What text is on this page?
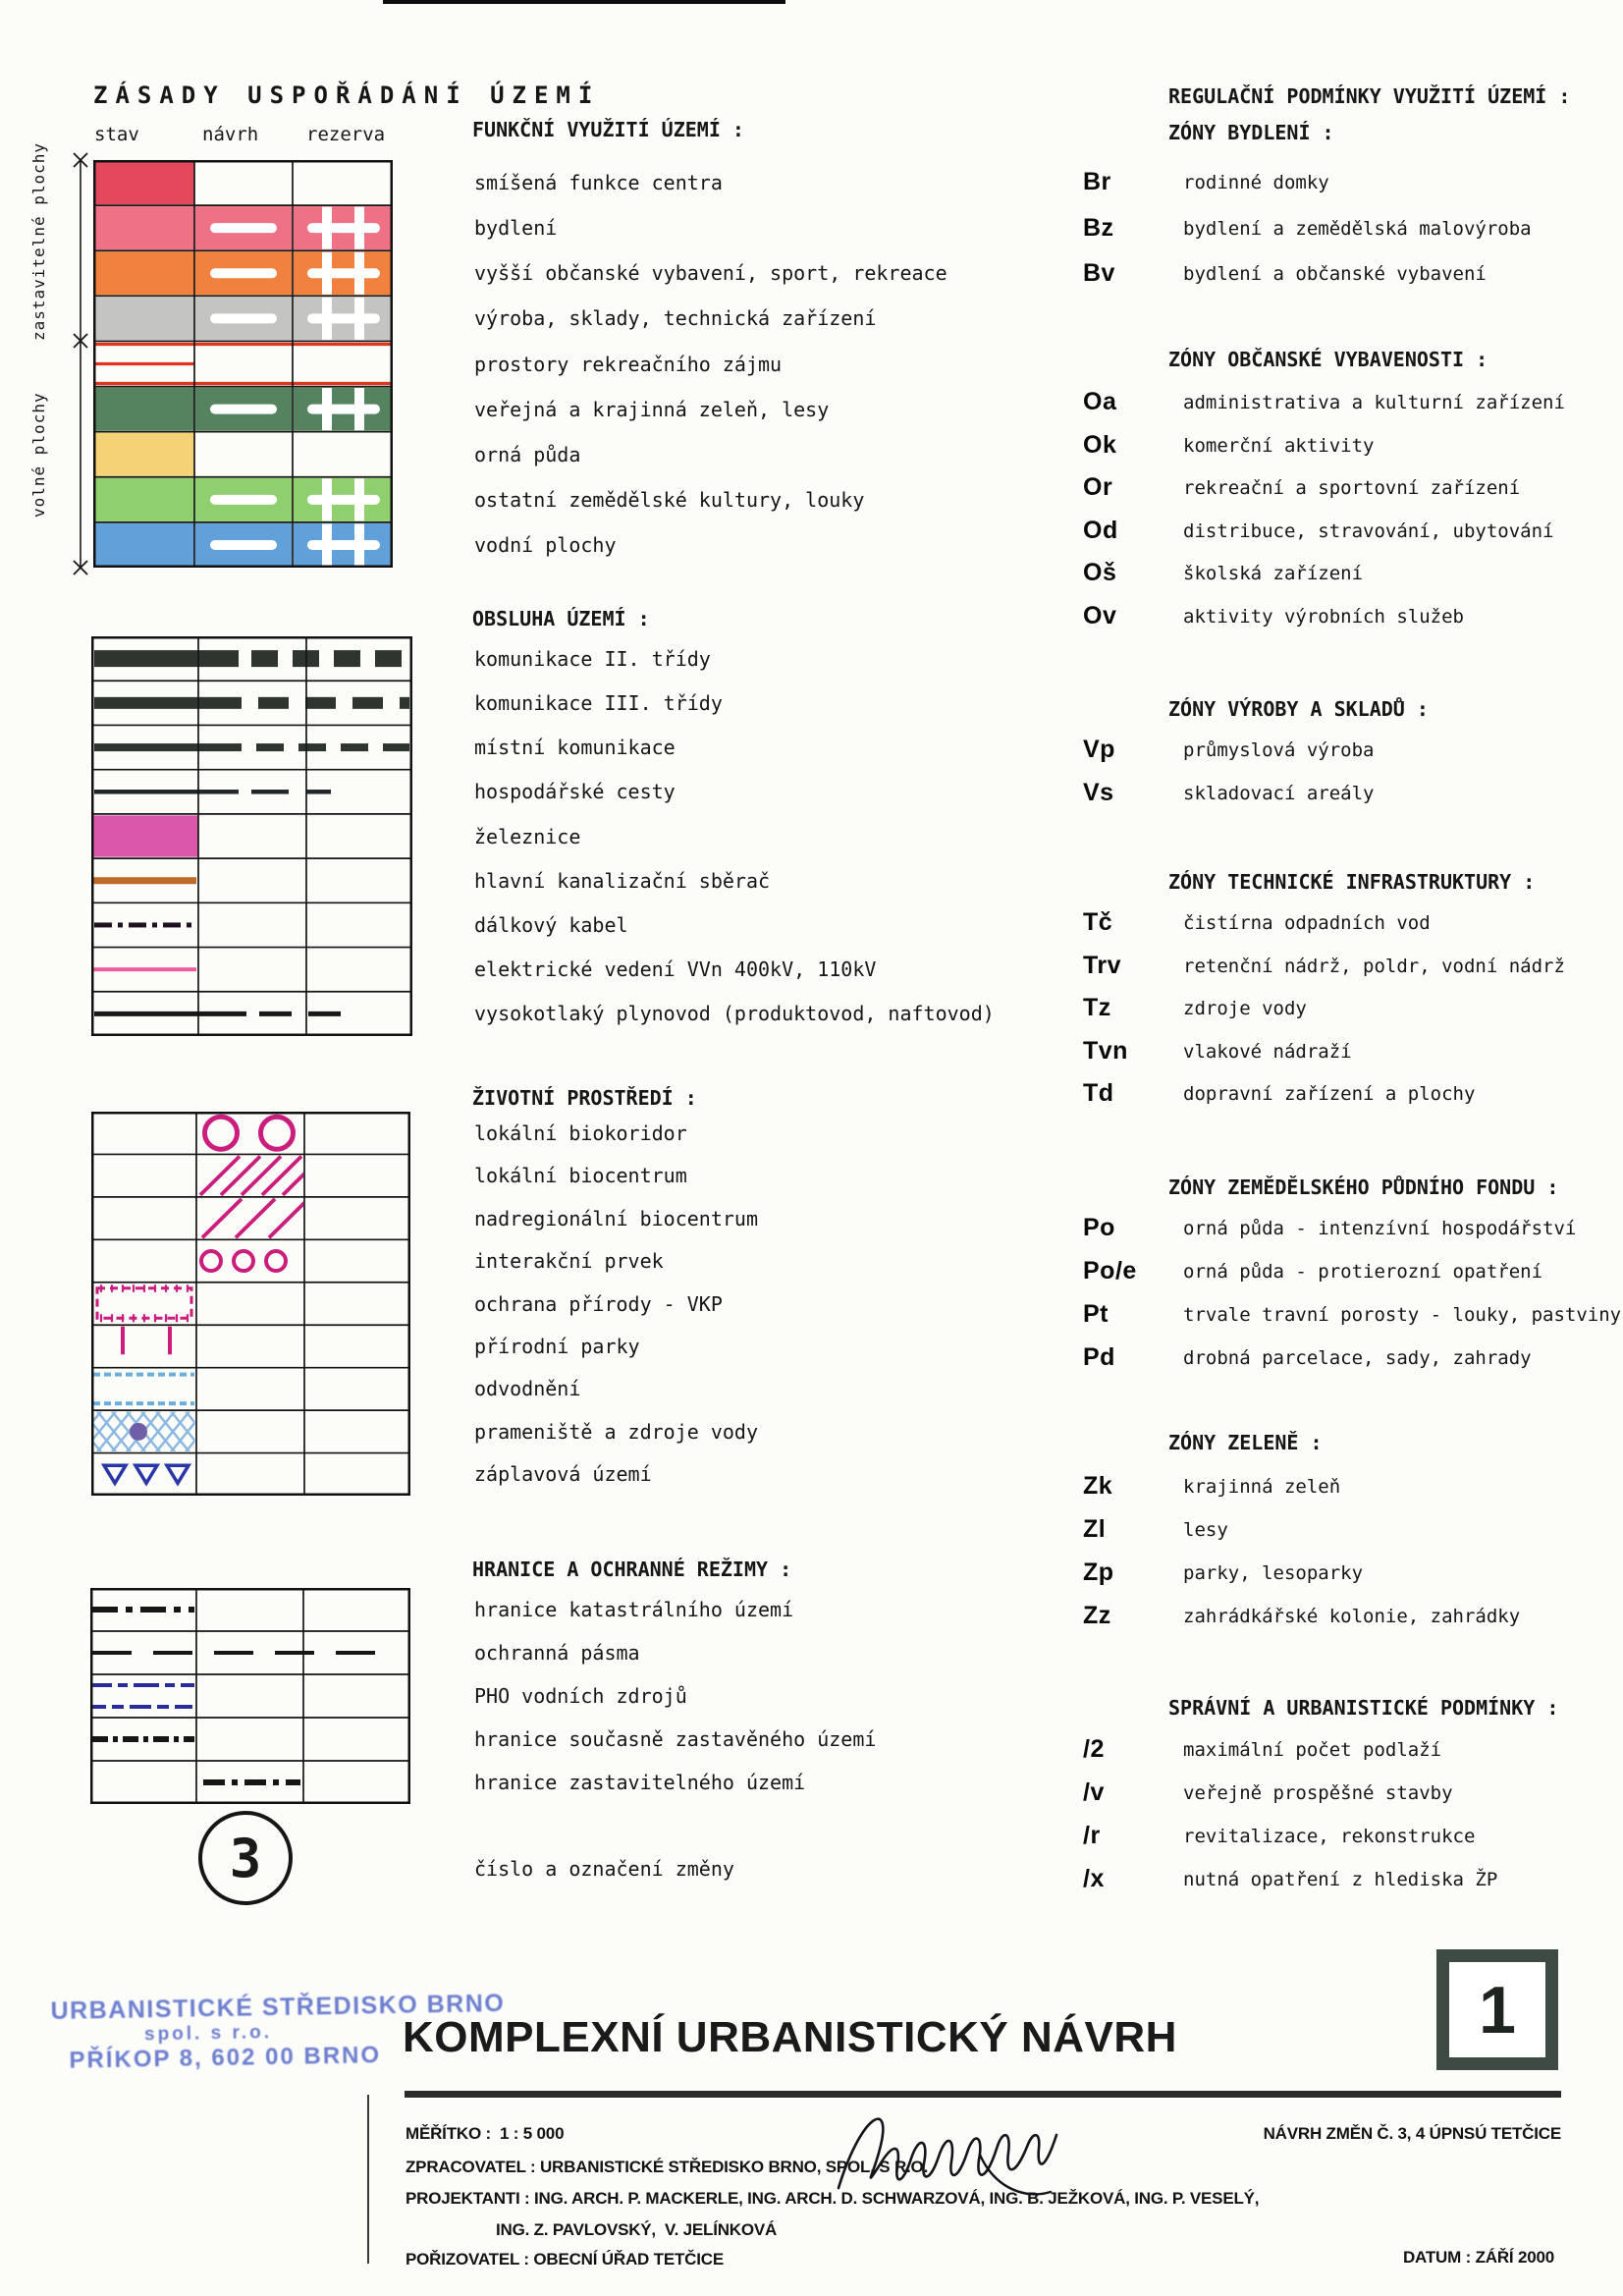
ZÁSADY USPOŘÁDÁNÍ ÚZEMÍ
stav	návrh	rezerva
zastavitelné plochy
volné plochy
FUNKČNÍ VYUŽITÍ ÚZEMÍ :
OBSLUHA ÚZEMÍ :
ŽIVOTNÍ PROSTŘEDÍ :
HRANICE A OCHRANNÉ REŽIMY :
3	číslo a označení změny
REGULAČNÍ PODMÍNKY VYUŽITÍ ÚZEMÍ :
URBANISTICKÉ STŘEDISKO BRNO
spol. s r.o.
PŘÍKOP 8, 602 00 BRNO KOMPLEXNÍ URBANISTICKÝ NÁVRH	1
MĚŘÍTKO :  1 : 5 000	NÁVRH ZMĚN Č. 3, 4 ÚPNSÚ TETČICE
ZPRACOVATEL : URBANISTICKÉ STŘEDISKO BRNO, SPOL. S R.O.
PROJEKTANTI : ING. ARCH. P. MACKERLE, ING. ARCH. D. SCHWARZOVÁ, ING. B. JEŽKOVÁ, ING. P. VESELÝ,
ING. Z. PAVLOVSKÝ,  V. JELÍNKOVÁ
POŘIZOVATEL : OBECNÍ ÚŘAD TETČICE	DATUM : ZÁŘÍ 2000
smíšená funkce centra
bydlení
vyšší občanské vybavení, sport, rekreace
výroba, sklady, technická zařízení
prostory rekreačního zájmu
veřejná a krajinná zeleň, lesy
orná půda
ostatní zemědělské kultury, louky
vodní plochy
komunikace II. třídy
komunikace III. třídy
místní komunikace
hospodářské cesty
železnice
hlavní kanalizační sběrač
dálkový kabel
elektrické vedení VVn 400kV, 110kV
vysokotlaký plynovod (produktovod, naftovod)
lokální biokoridor
lokální biocentrum
nadregionální biocentrum
interakční prvek
ochrana přírody - VKP
přírodní parky
odvodnění
prameniště a zdroje vody
záplavová území
hranice katastrálního území
ochranná pásma
PHO vodních zdrojů
hranice současně zastavěného území
hranice zastavitelného území
ZÓNY BYDLENÍ :
Br	rodinné domky
Bz	bydlení a zemědělská malovýroba
Bv	bydlení a občanské vybavení
ZÓNY OBČANSKÉ VYBAVENOSTI :
Oa	administrativa a kulturní zařízení
Ok	komerční aktivity
Or	rekreační a sportovní zařízení
Od	distribuce, stravování, ubytování
Oš	školská zařízení
Ov	aktivity výrobních služeb
ZÓNY VÝROBY A SKLADŮ :
Vp	průmyslová výroba
Vs	skladovací areály
ZÓNY TECHNICKÉ INFRASTRUKTURY :
Tč	čistírna odpadních vod
Trv	retenční nádrž, poldr, vodní nádrž
Tz	zdroje vody
Tvn	vlakové nádraží
Td	dopravní zařízení a plochy
ZÓNY ZEMĚDĚLSKÉHO PŮDNÍHO FONDU :
Po	orná půda - intenzívní hospodářství
Po/e orná půda - protierozní opatření
Pt	trvale travní porosty - louky, pastviny
Pd	drobná parcelace, sady, zahrady
ZÓNY ZELENĚ :
Zk	krajinná zeleň
Zl	lesy
Zp	parky, lesoparky
Zz	zahrádkářské kolonie, zahrádky
SPRÁVNÍ A URBANISTICKÉ PODMÍNKY :
/2	maximální počet podlaží
/v	veřejně prospěšné stavby
/r	revitalizace, rekonstrukce
/x	nutná opatření z hlediska ŽP
